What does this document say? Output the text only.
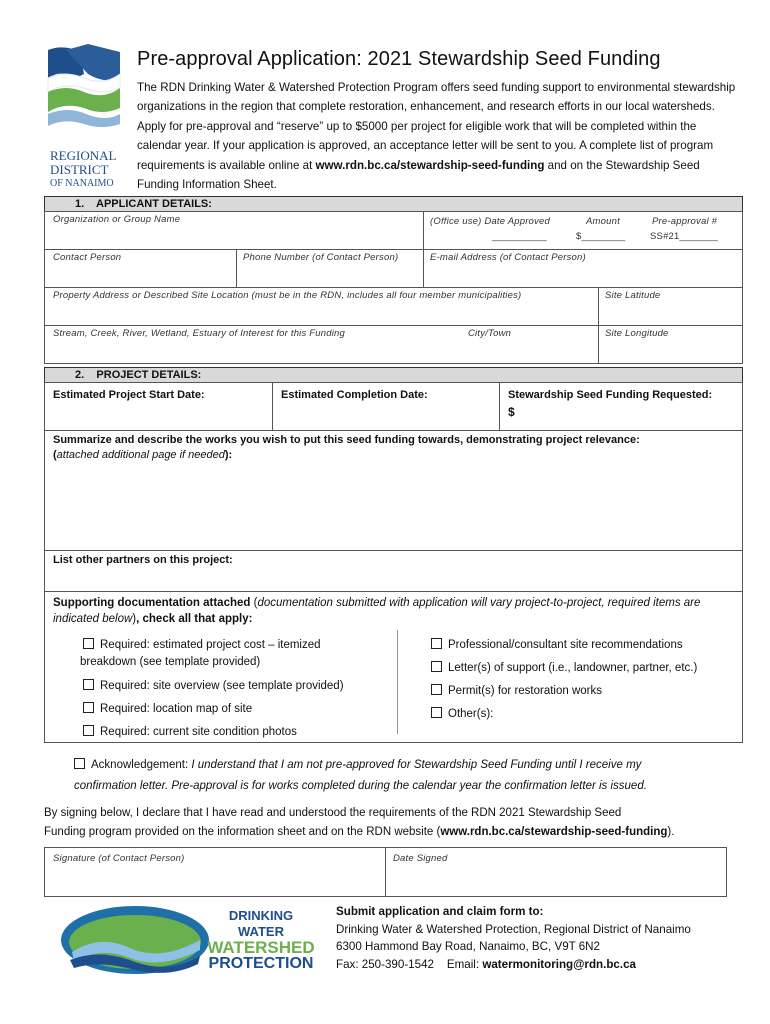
REGIONAL
DISTRICT
OF NANAIMO
Pre-approval Application: 2021 Stewardship Seed Funding
The RDN Drinking Water & Watershed Protection Program offers seed funding support to environmental stewardship organizations in the region that complete restoration, enhancement, and research efforts in our local watersheds. Apply for pre-approval and “reserve” up to $5000 per project for eligible work that will be completed within the calendar year. If your application is approved, an acceptance letter will be sent to you. A complete list of program requirements is available online at www.rdn.bc.ca/stewardship-seed-funding and on the Stewardship Seed Funding Information Sheet.
1. APPLICANT DETAILS:
Organization or Group Name	(Office use) Date Approved	Amount	Pre-approval #
__________	$________	SS#21_______
Contact Person	Phone Number (of Contact Person)	E-mail Address (of Contact Person)
Property Address or Described Site Location (must be in the RDN, includes all four member municipalities)	Site Latitude
Stream, Creek, River, Wetland, Estuary of Interest for this Funding	City/Town	Site Longitude
2. PROJECT DETAILS:
Estimated Project Start Date:	Estimated Completion Date:	Stewardship Seed Funding Requested:
$
Summarize and describe the works you wish to put this seed funding towards, demonstrating project relevance:
(attached additional page if needed):
List other partners on this project:
Supporting documentation attached (documentation submitted with application will vary project-to-project, required items are indicated below), check all that apply:
Required: estimated project cost – itemized
breakdown (see template provided)
Required: site overview (see template provided)
Required: location map of site
Required: current site condition photos
Professional/consultant site recommendations
Letter(s) of support (i.e., landowner, partner, etc.)
Permit(s) for restoration works
Other(s):
Acknowledgement: I understand that I am not pre-approved for Stewardship Seed Funding until I receive my
confirmation letter. Pre-approval is for works completed during the calendar year the confirmation letter is issued.
By signing below, I declare that I have read and understood the requirements of the RDN 2021 Stewardship Seed
Funding program provided on the information sheet and on the RDN website (www.rdn.bc.ca/stewardship-seed-funding).
Signature (of Contact Person)	Date Signed
DRINKING WATER
WATERSHED
PROTECTION
Submit application and claim form to:
Drinking Water & Watershed Protection, Regional District of Nanaimo
6300 Hammond Bay Road, Nanaimo, BC, V9T 6N2
Fax: 250-390-1542 Email: watermonitoring@rdn.bc.ca
